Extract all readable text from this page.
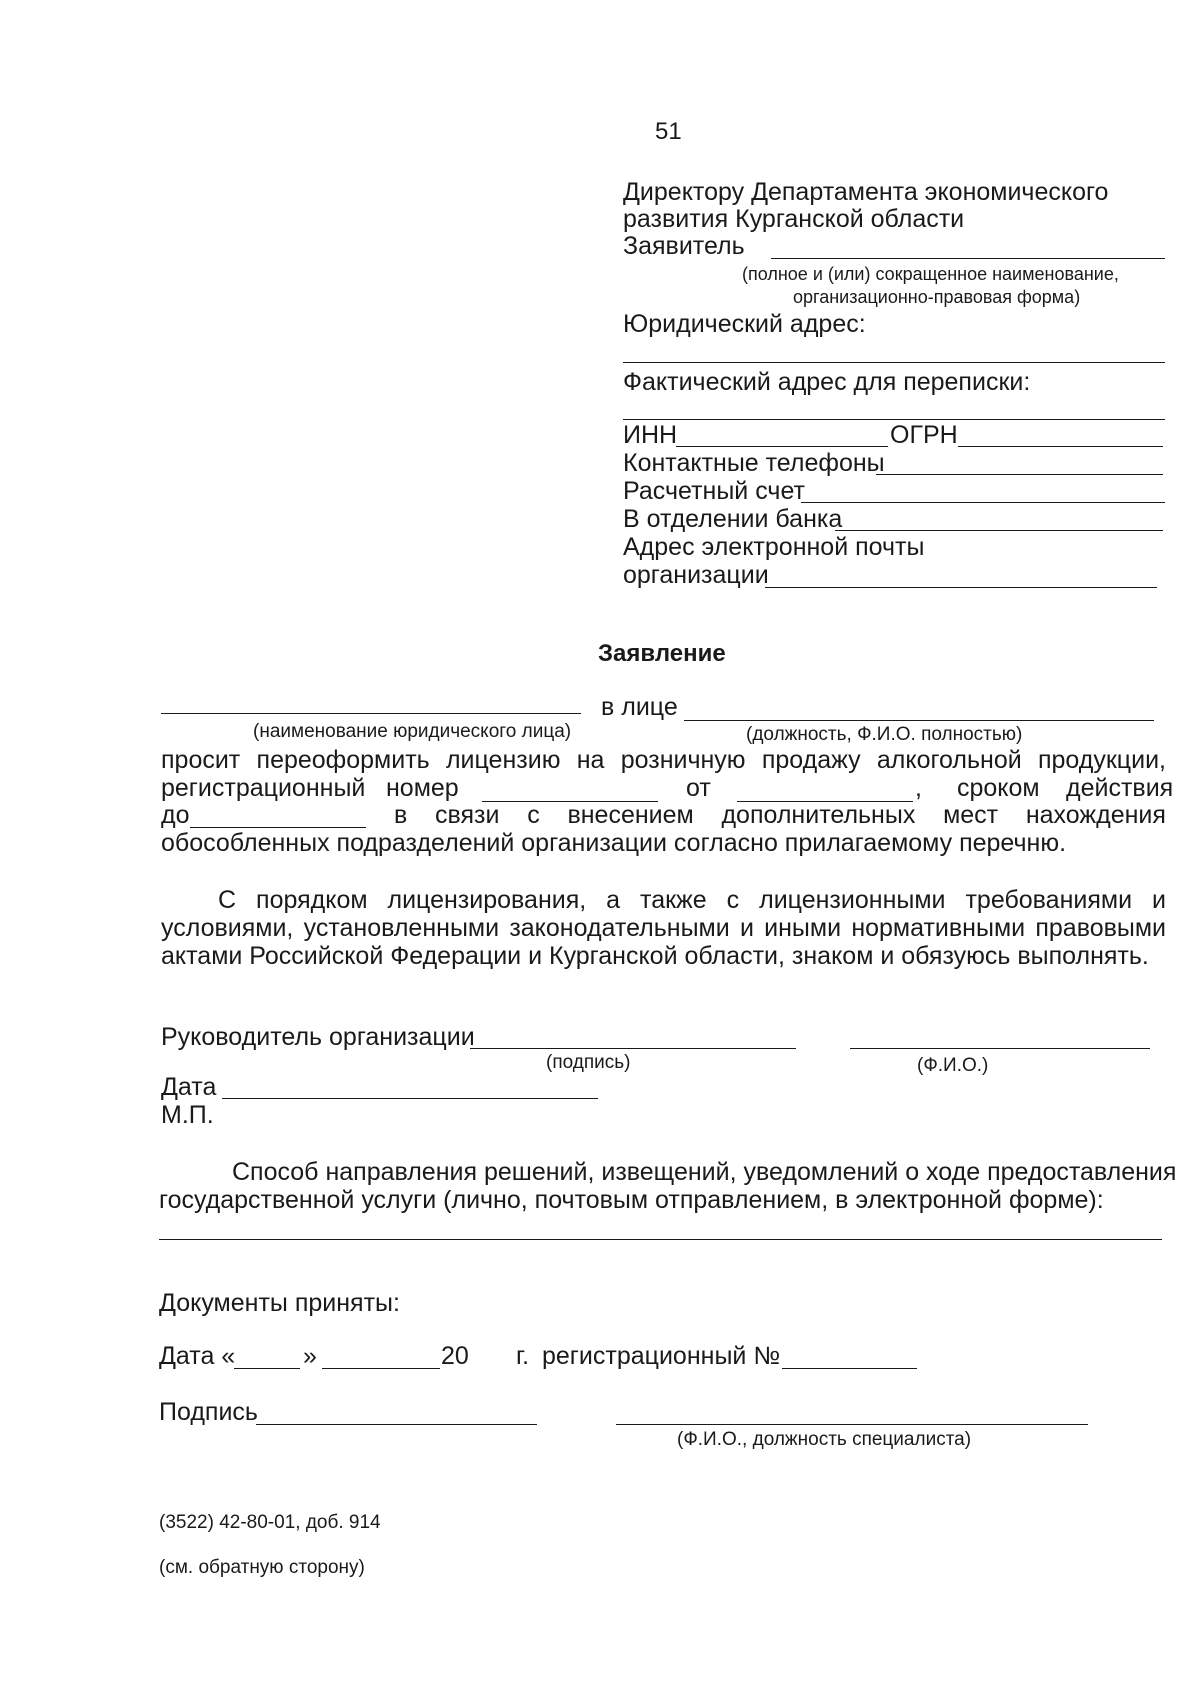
51
Директору Департамента экономического
развития Курганской области
Заявитель
(полное и (или) сокращенное наименование,
организационно-правовая форма)
Юридический адрес:
Фактический адрес для переписки:
ИНН	ОГРН
Контактные телефоны
Расчетный счет
В отделении банка
Адрес электронной почты
организации
Заявление
в лице
(наименование юридического лица)	(должность, Ф.И.О. полностью)
просит переоформить лицензию на розничную продажу алкогольной продукции,
регистрационный номер	от	, сроком действия
до	в связи с внесением дополнительных мест нахождения
обособленных подразделений организации согласно прилагаемому перечню.
С порядком лицензирования, а также с лицензионными требованиями и
условиями, установленными законодательными и иными нормативными правовыми
актами Российской Федерации и Курганской области, знаком и обязуюсь выполнять.
Руководитель организации
(подпись)	(Ф.И.О.)
Дата
М.П.
Способ направления решений, извещений, уведомлений о ходе предоставления
государственной услуги (лично, почтовым отправлением, в электронной форме):
Документы приняты:
Дата «	»	20 г. регистрационный №
Подпись
(Ф.И.О., должность специалиста)
(3522) 42-80-01, доб. 914
(см. обратную сторону)
